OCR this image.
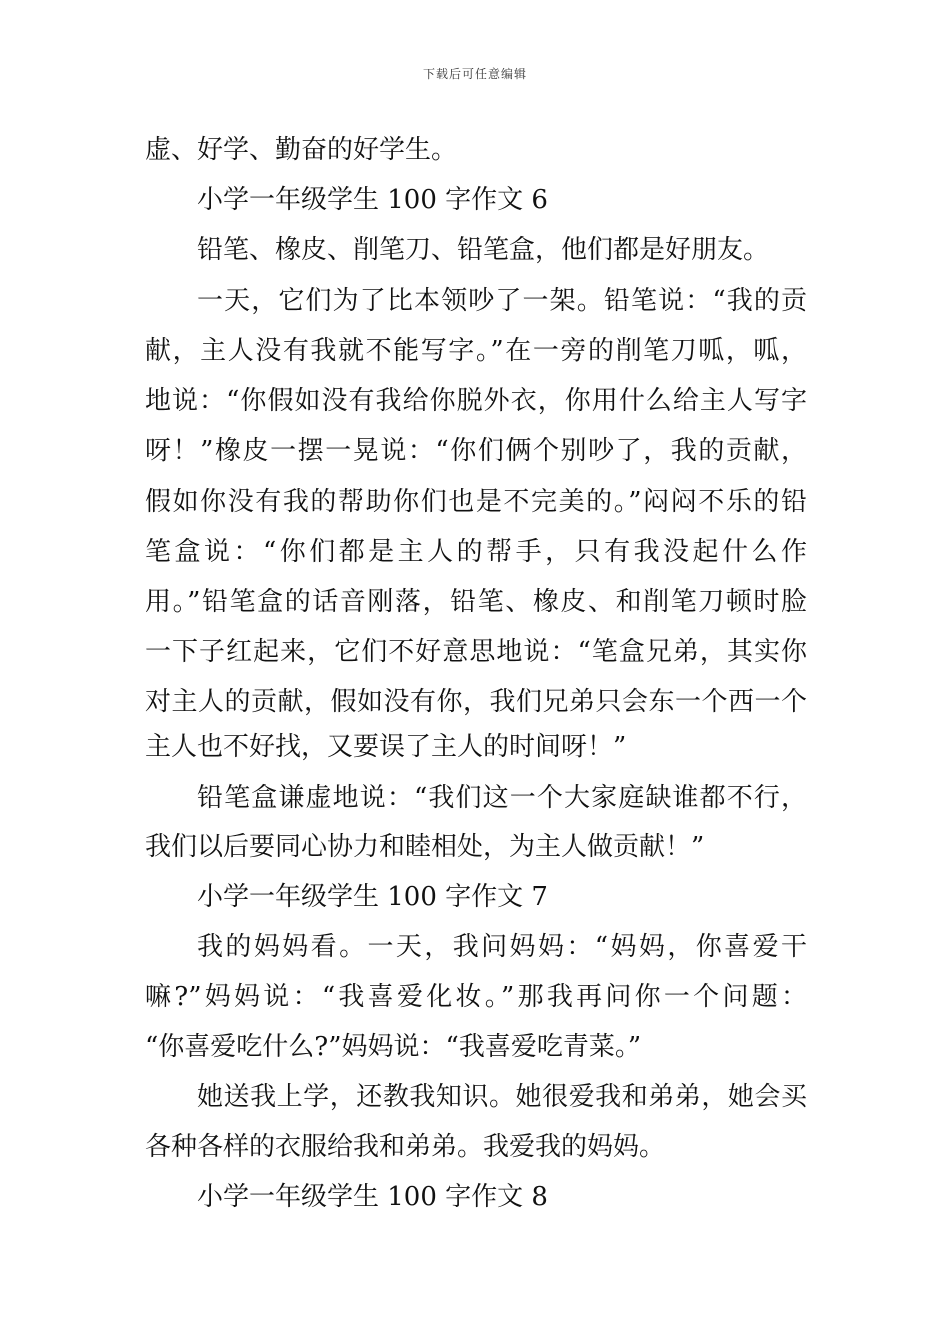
下载后可任意编辑
虚、好学、勤奋的好学生。
小学一年级学生 100 字作文 6
铅笔、橡皮、削笔刀、铅笔盒，他们都是好朋友。
一天，它们为了比本领吵了一架。铅笔说：“我的贡
献，主人没有我就不能写字。”在一旁的削笔刀呱，呱，
地说：“你假如没有我给你脱外衣，你用什么给主人写字
呀！”橡皮一摆一晃说：“你们俩个别吵了，我的贡献，
假如你没有我的帮助你们也是不完美的。”闷闷不乐的铅
笔盒说：“你们都是主人的帮手，只有我没起什么作
用。”铅笔盒的话音刚落，铅笔、橡皮、和削笔刀顿时脸
一下子红起来，它们不好意思地说：“笔盒兄弟，其实你
对主人的贡献，假如没有你，我们兄弟只会东一个西一个
主人也不好找，又要误了主人的时间呀！”
铅笔盒谦虚地说：“我们这一个大家庭缺谁都不行，
我们以后要同心协力和睦相处，为主人做贡献！”
小学一年级学生 100 字作文 7
我的妈妈看。一天，我问妈妈：“妈妈，你喜爱干
嘛?”妈妈说：“我喜爱化妆。”那我再问你一个问题：
“你喜爱吃什么?”妈妈说：“我喜爱吃青菜。”
她送我上学，还教我知识。她很爱我和弟弟，她会买
各种各样的衣服给我和弟弟。我爱我的妈妈。
小学一年级学生 100 字作文 8
